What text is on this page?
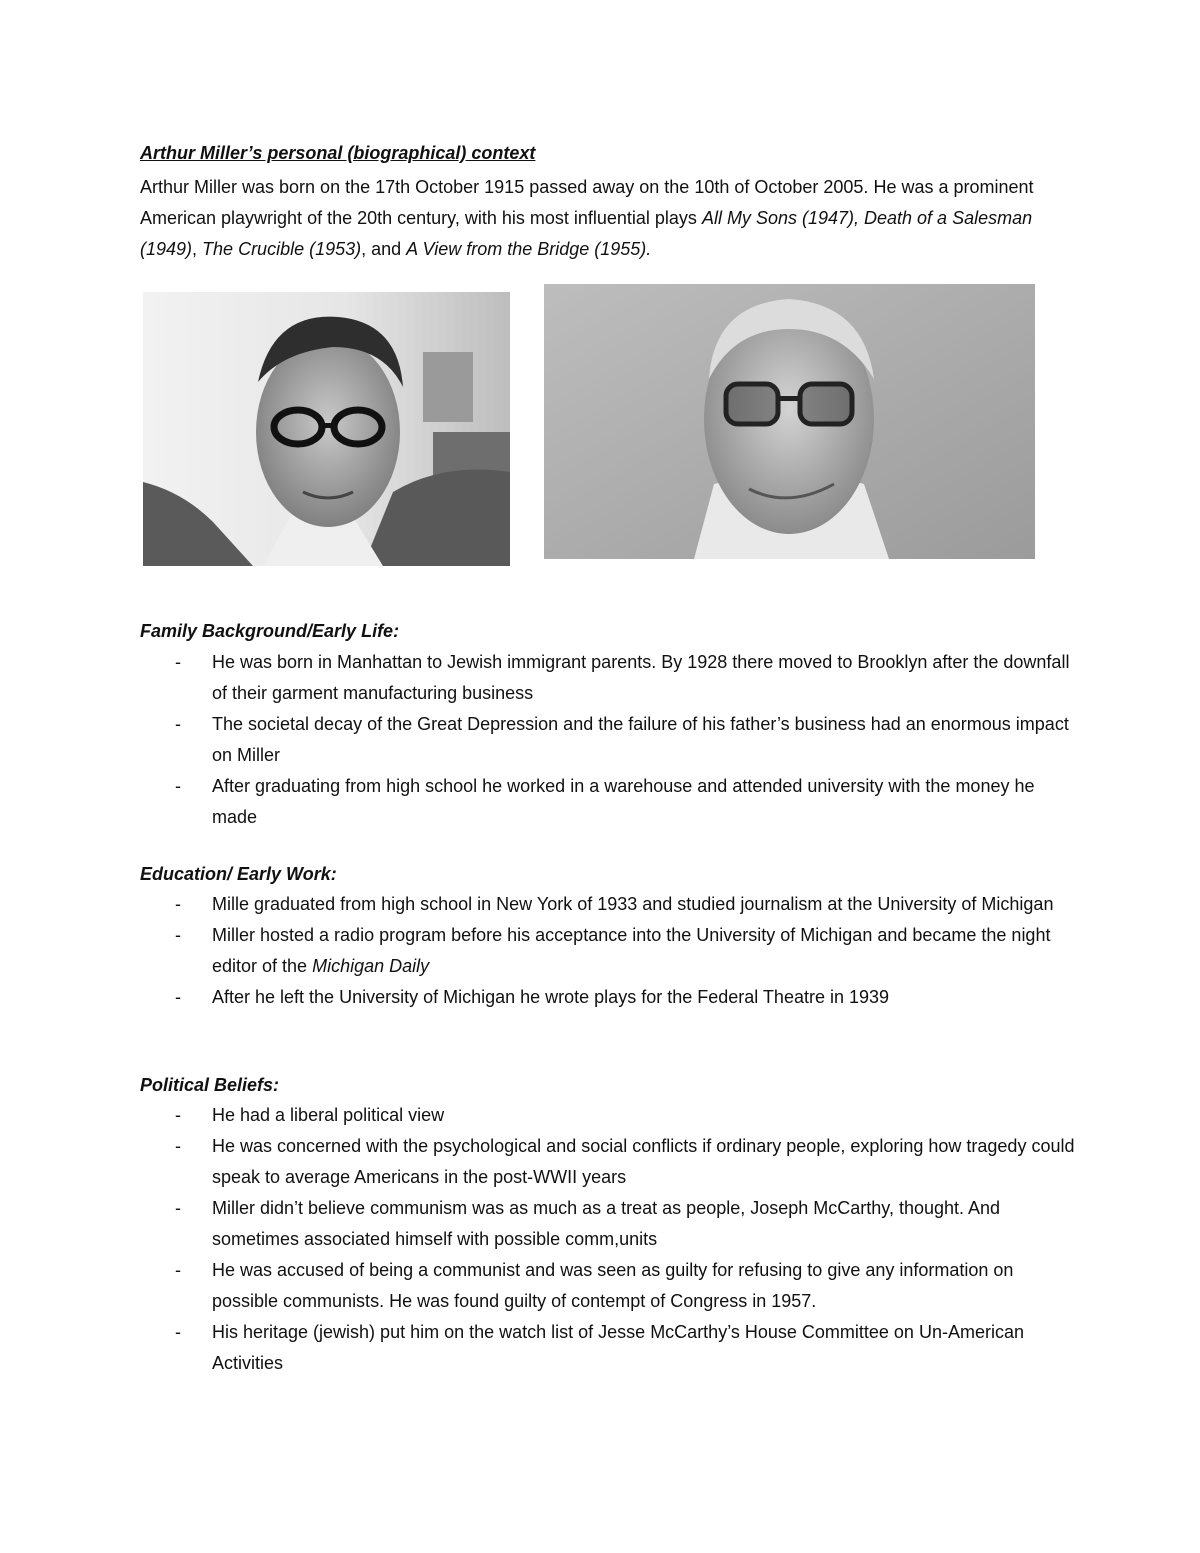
Arthur Miller’s personal (biographical) context
Arthur Miller was born on the 17th October 1915 passed away on the 10th of October 2005. He was a prominent American playwright of the 20th century, with his most influential plays All My Sons (1947), Death of a Salesman (1949), The Crucible (1953), and A View from the Bridge (1955).
Family Background/Early Life:
- He was born in Manhattan to Jewish immigrant parents. By 1928 there moved to Brooklyn after the downfall of their garment manufacturing business
- The societal decay of the Great Depression and the failure of his father’s business had an enormous impact on Miller
- After graduating from high school he worked in a warehouse and attended university with the money he made
Education/ Early Work:
- Mille graduated from high school in New York of 1933 and studied journalism at the University of Michigan
- Miller hosted a radio program before his acceptance into the University of Michigan and became the night editor of the Michigan Daily
- After he left the University of Michigan he wrote plays for the Federal Theatre in 1939
Political Beliefs:
- He had a liberal political view
- He was concerned with the psychological and social conflicts if ordinary people, exploring how tragedy could speak to average Americans in the post-WWII years
- Miller didn’t believe communism was as much as a treat as people, Joseph McCarthy, thought. And sometimes associated himself with possible comm,units
- He was accused of being a communist and was seen as guilty for refusing to give any information on possible communists. He was found guilty of contempt of Congress in 1957.
- His heritage (jewish) put him on the watch list of Jesse McCarthy’s House Committee on Un-American Activities
